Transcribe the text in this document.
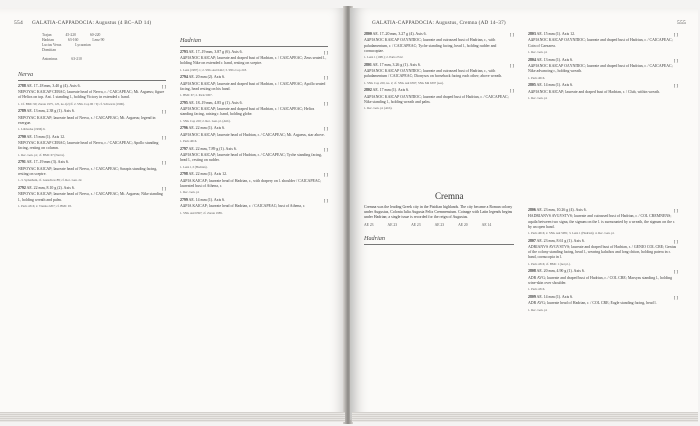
554 GALATIA-CAPPADOCIA: Augustus (4 BC–AD 14)
Trajan	45-220	60-220
Hadrian	63-160	Lenz 90
Lucius Verus	Lycaonian
Domitian
Antoninus	63-210
Nerva

2788 AE. 17–18 mm, 3.40 g (4). Axis 6.	[ ]

NEPOYAC KAICAP CEBAC; laureate head of Nerva, r. / CAICAPEAC; Mt. Argaeus; figure of Helios on top. Ant. 1 standing l., holding Victory in extended r. hand.

1. Cf. BMC 90; Zarate 1975, 125, no.1(2) ff. 2. SNG Cop 90 / Ty cf. Schwartz (1996).

2789 AE. 13 mm, 2.38 g (1). Axis 6.	[ ]

NEPOYAC KAICAP; laureate head of Nerva, r. / CAICAPEAC; Mt. Argaeus; legend in exergue.

1. Löbbecke (1996) 6.

2790 AE. 15 mm (1). Axis 12.	[ ]

NEPOYAC KAICAP CEBAC; laureate head of Nerva, r. / CAICAPEAC; Apollo standing facing, resting on column.

1. Rec. Gen. pl.; cf. BMC 67 (Nerva).

2791 AE. 17–19 mm (3). Axis 6.	[ ]

NEPOYAC KAICAP; laureate head of Nerva, r. / CAICAPEAC; Sarapis standing facing, resting on sceptre.

1–3. Sydenham, cf. Ganschow 88; cf. Rec. Gen. 22.

2792 AE. 22 mm, 8.10 g (2). Axis 6.	[ ]

NEPOYAC KAICAP; laureate head of Nerva, r. / CAICAPEAC; Mt. Argaeus; Nike standing l., holding wreath and palm.

1. Paris 4316; 2. Vienna 2207; cf. BMC 93.

Hadrian

2793 AE. 17–19 mm, 3.87 g (6). Axis 6.	[ ]

AΔPIANOC KAICAP; laureate and draped bust of Hadrian, r. / CAICAPEAC; Zeus seated l., holding Nike on extended r. hand, resting on sceptre.

1. Lenz (1987) 1; 2. SNG Aul 6422; 3. SNG Cop 218.

2794 AE. 20 mm (2). Axis 6.	[ ]

AΔPIANOC KAICAP; laureate and draped bust of Hadrian, r. / CAICAPEAC; Apollo seated facing, head resting on his hand.

1. BMC 67; 2. Paris 5007.

2795 AE. 18–19 mm, 4.85 g (1). Axis 6.	[ ]

AΔPIANOC KAICAP; laureate and draped bust of Hadrian, r. / CAICAPEAC; Helios standing facing, raising r. hand, holding globe.

1. SNG Cop 220; 2. Rec. Gen. pl. (Abb).

2796 AE. 22 mm (1). Axis 6.	[ ]

AΔPIANOC KAICAP; laureate head of Hadrian, r. / CAICAPEAC; Mt. Argaeus, star above.

1. Paris 4016.

2797 AE. 22 mm, 7.89 g (1). Axis 6.	[ ]

AΔPIANOC KAICAP; laureate head of Hadrian, r. / CAICAPEAC; Tyche standing facing, head l., resting on rudder.

1. Lenz 1,3 (Hadrian).

2798 AE. 22 mm (1). Axis 12.	[ ]

AΔPIA KAICAP; laureate head of Hadrian, r., with drapery on l. shoulder / CAICAPEAC; laureated bust of Athena, r.

1. Rec. Gen. pl.

2799 AE. 14 mm (1). Axis 6.	[ ]

AΔPIA KAICAP; laureate head of Hadrian, r. / CAICAPEAC; bust of Athena, r.

1. SNG Aul 6397; cf. Zarate 1985.

GALATIA-CAPPADOCIA: Augustus, Cremna (AD 14–37)	555

2800 AE. 17–20 mm, 3.27 g (4). Axis 6.	[ ]

AΔPIANOC KAICAP OΛYNΠIOC; laureate and cuirassed bust of Hadrian, r., with paludamentum, r. / CAICAPEAC; Tyche standing facing, head l., holding rudder and cornucopiae.

1. Lenz 1 (1981); 2. Paris 2312.

2801 AE. 17 mm, 3.26 g (1). Axis 6.	[ ]

AΔPIANOC KAICAP OΛYNΠIOC; laureate and cuirassed bust of Hadrian, r., with paludamentum / CAICAPEAC; Dionysos on horseback facing each other; above wreath.

1. SNG Cop 220, no. 2; cf. SNG Aul 6397; SNG Mü 6397 (see).

2802 AE. 17 mm (1). Axis 6.	[ ]

AΔPIANOC KAICAP OΛYNΠIOC; laureate and draped bust of Hadrian, r. / CAICAPEAC; Nike standing l., holding wreath and palm.

1. Rec. Gen. pl. (Abb).

2803 AE. 15 mm (1). Axis 12.	[ ]

AΔPIANOC KAICAP OΛYNΠIOC; laureate and draped bust of Hadrian, r. / CAICAPEAC; Coin of Caesarea.

1. Rec. Gen. pl.

2804 AE. 13 mm (1). Axis 6.	[ ]

AΔPIANOC KAICAP OΛYNΠIOC; laureate and draped bust of Hadrian, r. / CAICAPEAC; Nike advancing r., holding wreath.

1. Paris 4016.

2805 AE. 14 mm (1). Axis 6.	[ ]

AΔPIANOC KAICAP; laureate and draped bust of Hadrian, r. / Club, within wreath.

1. Rec. Gen. pl.

Cremna

Cremna was the leading Greek city in the Pisidian highlands. The city became a Roman colony under Augustus, Colonia Iulia Augusta Felix Cremnensium. Coinage with Latin legends begins under Hadrian; a single issue is recorded for the reign of Augustus.

AE 23	AE 23	AE 23	AE 23	AE 20	AE 14
Hadrian

2806 AE. 23 mm, 10.26 g (4). Axis 6.	[ ]

HADRIANVS AVGVSTVS; laureate and cuirassed bust of Hadrian, r. / COL CREMNENS; aquila between two signa, the signum on the l. is surmounted by a wreath, the signum on the r. by an open hand.

1. Paris 4016; 2. SNG Aul 5081; 3. Lenz 1 (Hadrian); 4. Rec. Gen. pl.

2807 AE. 23 mm, 8.61 g (1). Axis 6.	[ ]

ADRIANVS AVGVSTVS; laureate and draped bust of Hadrian, r. / GENIO COL CRE; Genius of the colony standing facing, head l., wearing kalathos and long chiton, holding patera in r. hand, cornucopia in l.

1. Paris 4316; cf. BMC 1 (not pl.).

2808 AE. 20 mm, 4.90 g (1). Axis 6.	[ ]

ADR AVG; laureate and draped bust of Hadrian, r. / COL CRE; Marsyas standing l., holding wine-skin over shoulder.

1. Paris 4316.

2809 AE. 14 mm (1). Axis 6.	[ ]

ADR AVG; laureate head of Hadrian, r. / COL CRE; Eagle standing facing, head l.

1. Rec. Gen. pl.
